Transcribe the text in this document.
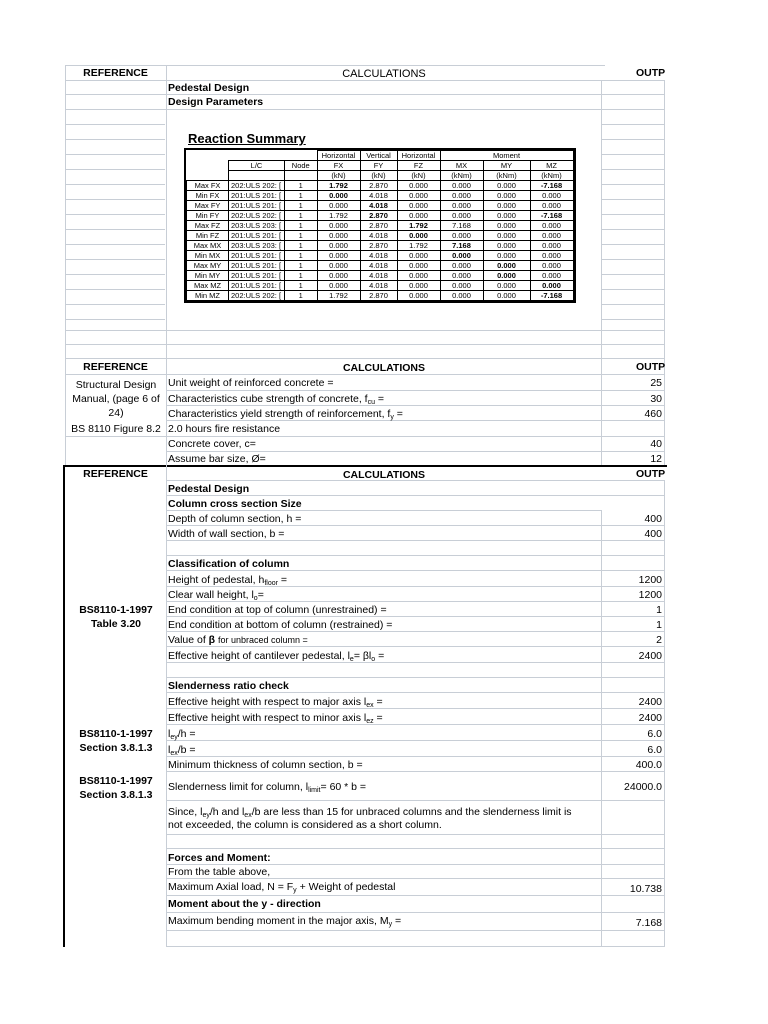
REFERENCE	CALCULATIONS	OUTP
Pedestal Design
Design Parameters
Reaction Summary
			Horizontal	Vertical	Horizontal	Moment		
	L/C	Node	FX	FY	FZ	MX	MY	MZ
			(kN)	(kN)	(kN)	(kNm)	(kNm)	(kNm)
Max FX	202:ULS 202: [	1	1.792	2.870	0.000	0.000	0.000	-7.168
Min FX	201:ULS 201: [	1	0.000	4.018	0.000	0.000	0.000	0.000
Max FY	201:ULS 201: [	1	0.000	4.018	0.000	0.000	0.000	0.000
Min FY	202:ULS 202: [	1	1.792	2.870	0.000	0.000	0.000	-7.168
Max FZ	203:ULS 203: [	1	0.000	2.870	1.792	7.168	0.000	0.000
Min FZ	201:ULS 201: [	1	0.000	4.018	0.000	0.000	0.000	0.000
Max MX	203:ULS 203: [	1	0.000	2.870	1.792	7.168	0.000	0.000
Min MX	201:ULS 201: [	1	0.000	4.018	0.000	0.000	0.000	0.000
Max MY	201:ULS 201: [	1	0.000	4.018	0.000	0.000	0.000	0.000
Min MY	201:ULS 201: [	1	0.000	4.018	0.000	0.000	0.000	0.000
Max MZ	201:ULS 201: [	1	0.000	4.018	0.000	0.000	0.000	0.000
Min MZ	202:ULS 202: [	1	1.792	2.870	0.000	0.000	0.000	-7.168
REFERENCE	CALCULATIONS	OUTP
Structural Design Manual, (page 6 of 24)
BS 8110 Figure 8.2
Unit weight of reinforced concrete =	25
Characteristics cube strength of concrete, $f_{cu}$ =	30
Characteristics yield strength of reinforcement, $f_y$ =	460
2.0 hours fire resistance
Concrete cover, c=	40
Assume bar size, Ø=	12
REFERENCE	CALCULATIONS	OUTP
Pedestal Design
Column cross section Size
Depth of column section, h =	400
Width of wall section, b =	400
Classification of column
Height of pedestal, $h_{floor}$ =	1200
Clear wall height, $l_o=$	1200
BS8110-1-1997 Table 3.20
End condition at top of column (unrestrained) =	1
End condition at bottom of column (restrained) =	1
Value of β for unbraced column =	2
Effective height of cantilever pedestal, $l_e= \beta l_o$ =	2400
Slenderness ratio check
Effective height with respect to major axis $l_{ex}$ =	2400
Effective height with respect to minor axis $l_{ez}$ =	2400
BS8110-1-1997 Section 3.8.1.3
$l_{ey}/h$ =	6.0
$l_{ex}/b$ =	6.0
Minimum thickness of column section, b =	400.0
BS8110-1-1997 Section 3.8.1.3
Slenderness limit for column, $l_{limit}= 60 * b$ =	24000.0
Since, $l_{ey}/h$ and $l_{ex}/b$ are less than 15 for unbraced columns and the slenderness limit is
not exceeded, the column is considered as a short column.
Forces and Moment:
From the table above,
Maximum Axial load, $N = F_y$ + Weight of pedestal	10.738
Moment about the y - direction
Maximum bending moment in the major axis, $M_y$ =	7.168
